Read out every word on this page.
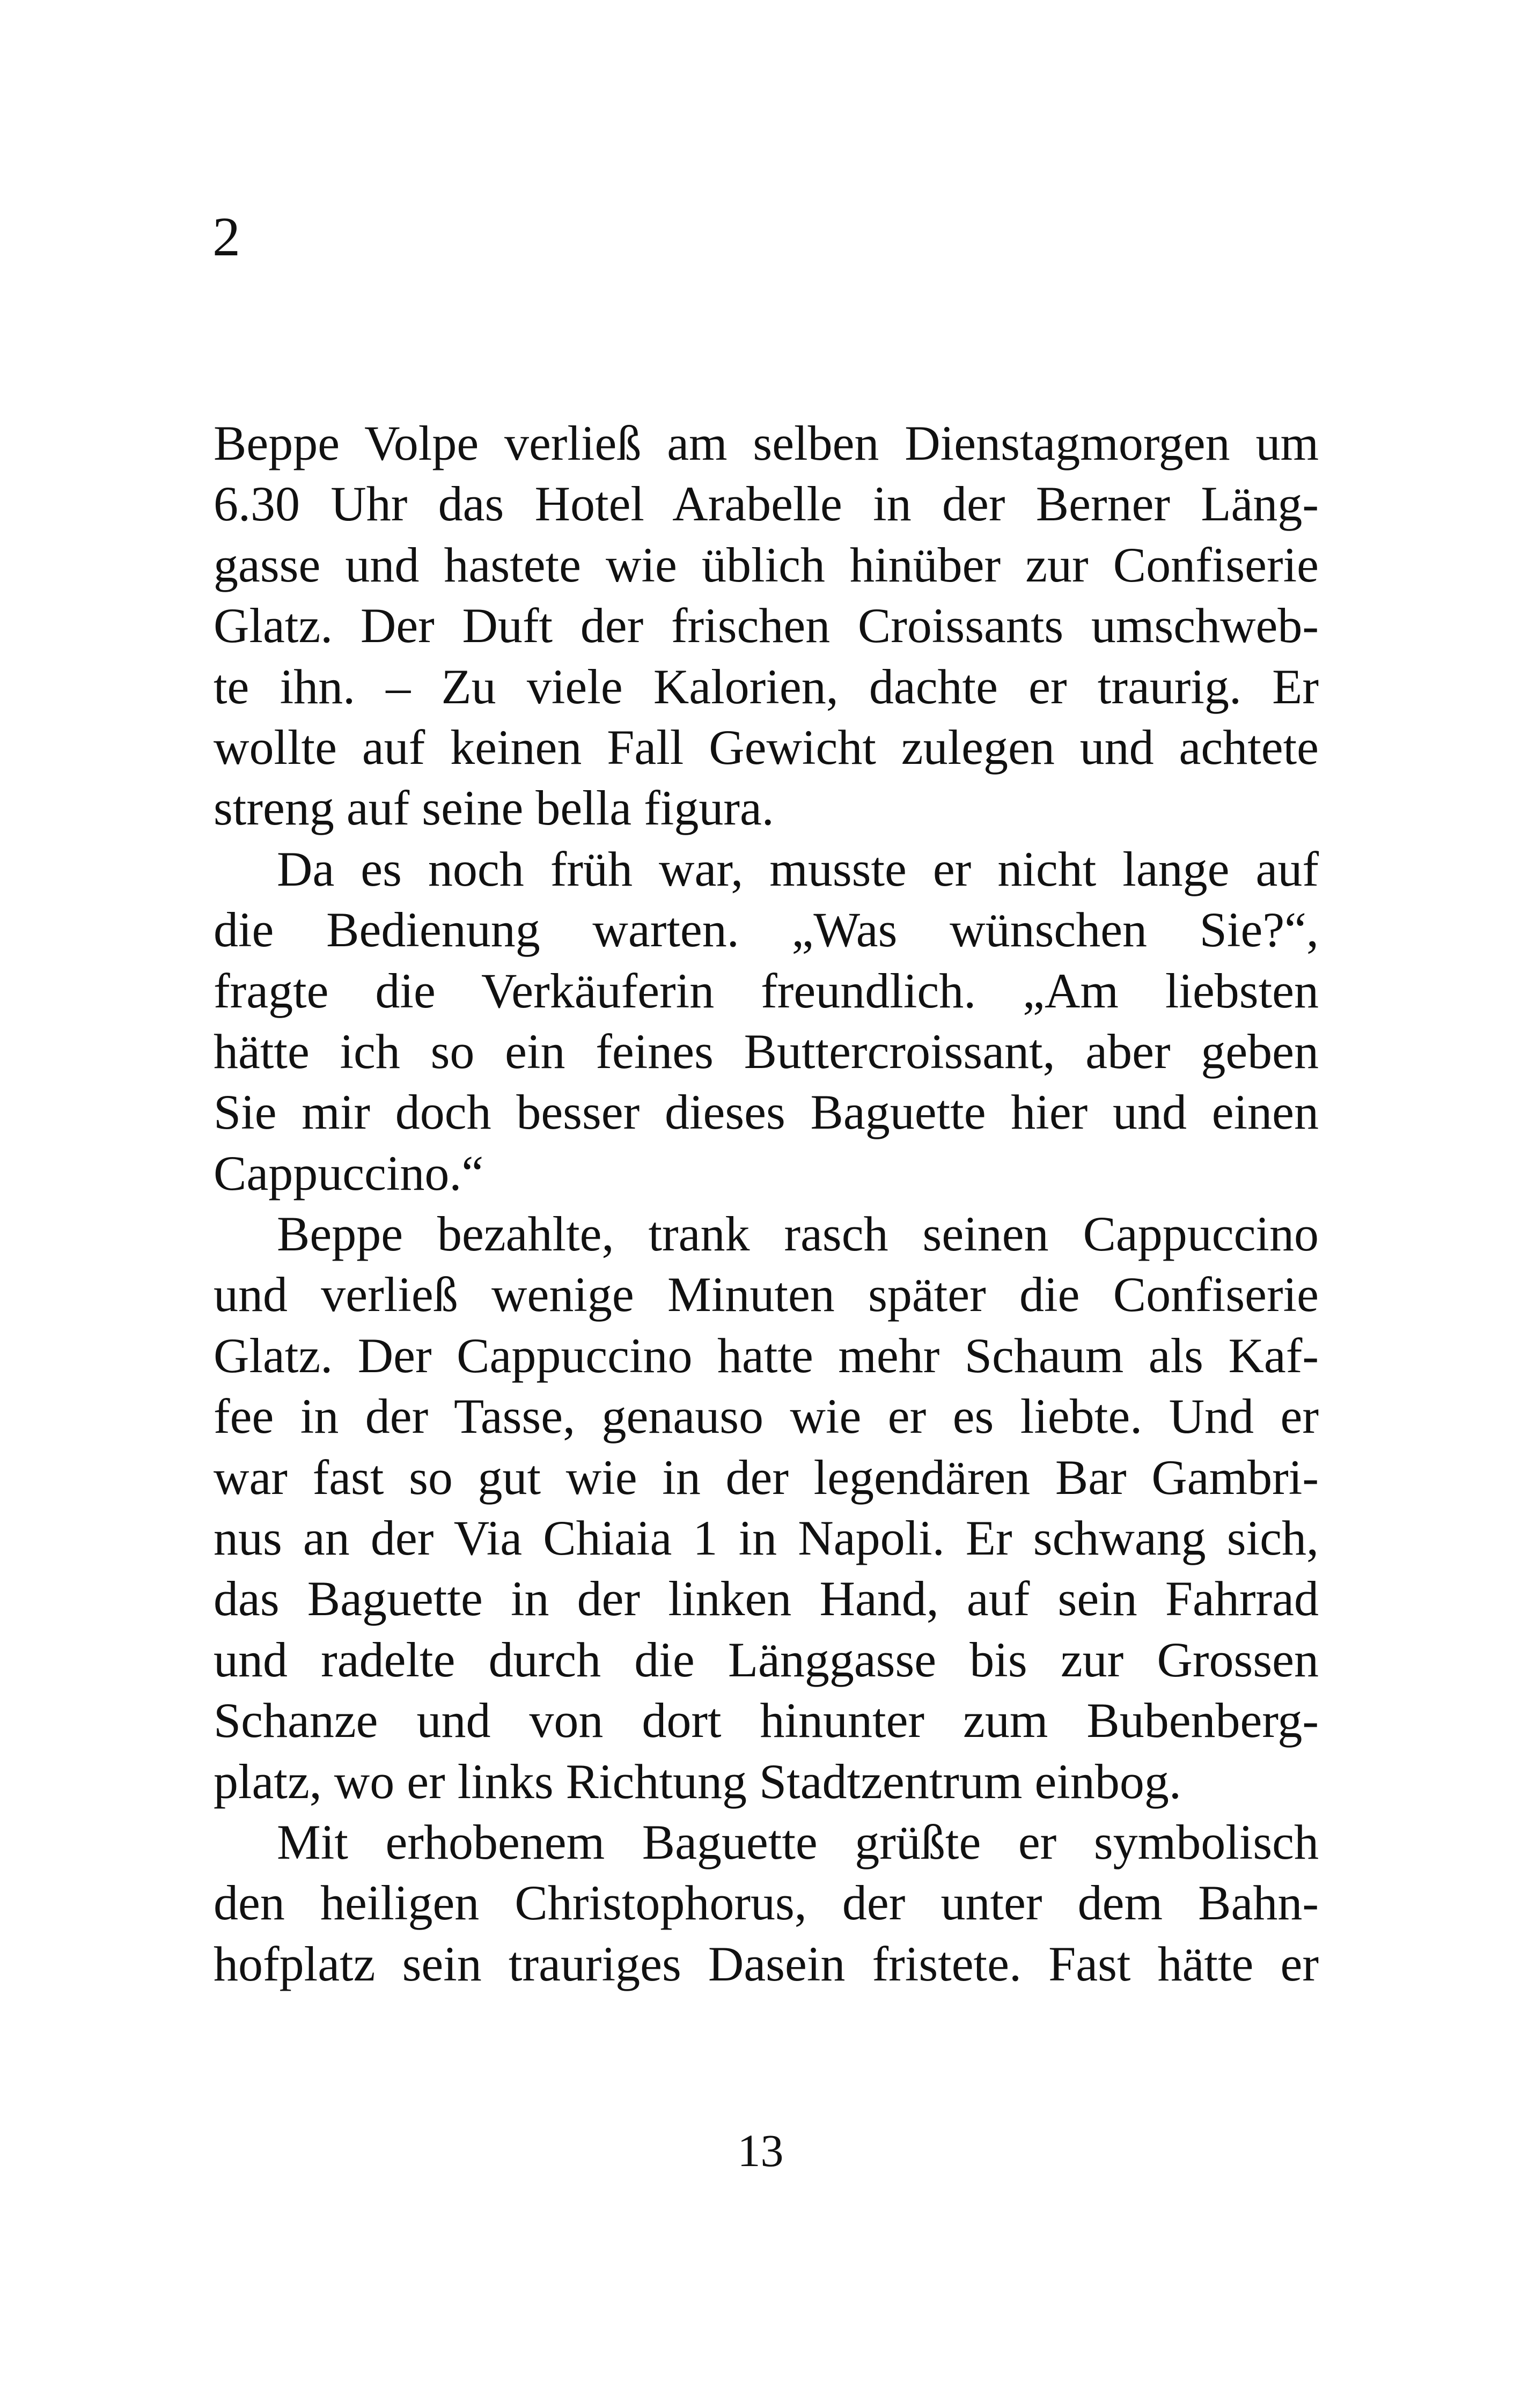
2
Beppe Volpe verließ am selben Dienstagmorgen um
6.30 Uhr das Hotel Arabelle in der Berner Läng-
gasse und hastete wie üblich hinüber zur Confiserie
Glatz. Der Duft der frischen Croissants umschweb-
te ihn. – Zu viele Kalorien, dachte er traurig. Er
wollte auf keinen Fall Gewicht zulegen und achtete
streng auf seine bella figura.
Da es noch früh war, musste er nicht lange auf
die Bedienung warten. „Was wünschen Sie?“,
fragte die Verkäuferin freundlich. „Am liebsten
hätte ich so ein feines Buttercroissant, aber geben
Sie mir doch besser dieses Baguette hier und einen
Cappuccino.“
Beppe bezahlte, trank rasch seinen Cappuccino
und verließ wenige Minuten später die Confiserie
Glatz. Der Cappuccino hatte mehr Schaum als Kaf-
fee in der Tasse, genauso wie er es liebte. Und er
war fast so gut wie in der legendären Bar Gambri-
nus an der Via Chiaia 1 in Napoli. Er schwang sich,
das Baguette in der linken Hand, auf sein Fahrrad
und radelte durch die Länggasse bis zur Grossen
Schanze und von dort hinunter zum Bubenberg-
platz, wo er links Richtung Stadtzentrum einbog.
Mit erhobenem Baguette grüßte er symbolisch
den heiligen Christophorus, der unter dem Bahn-
hofplatz sein trauriges Dasein fristete. Fast hätte er
13
